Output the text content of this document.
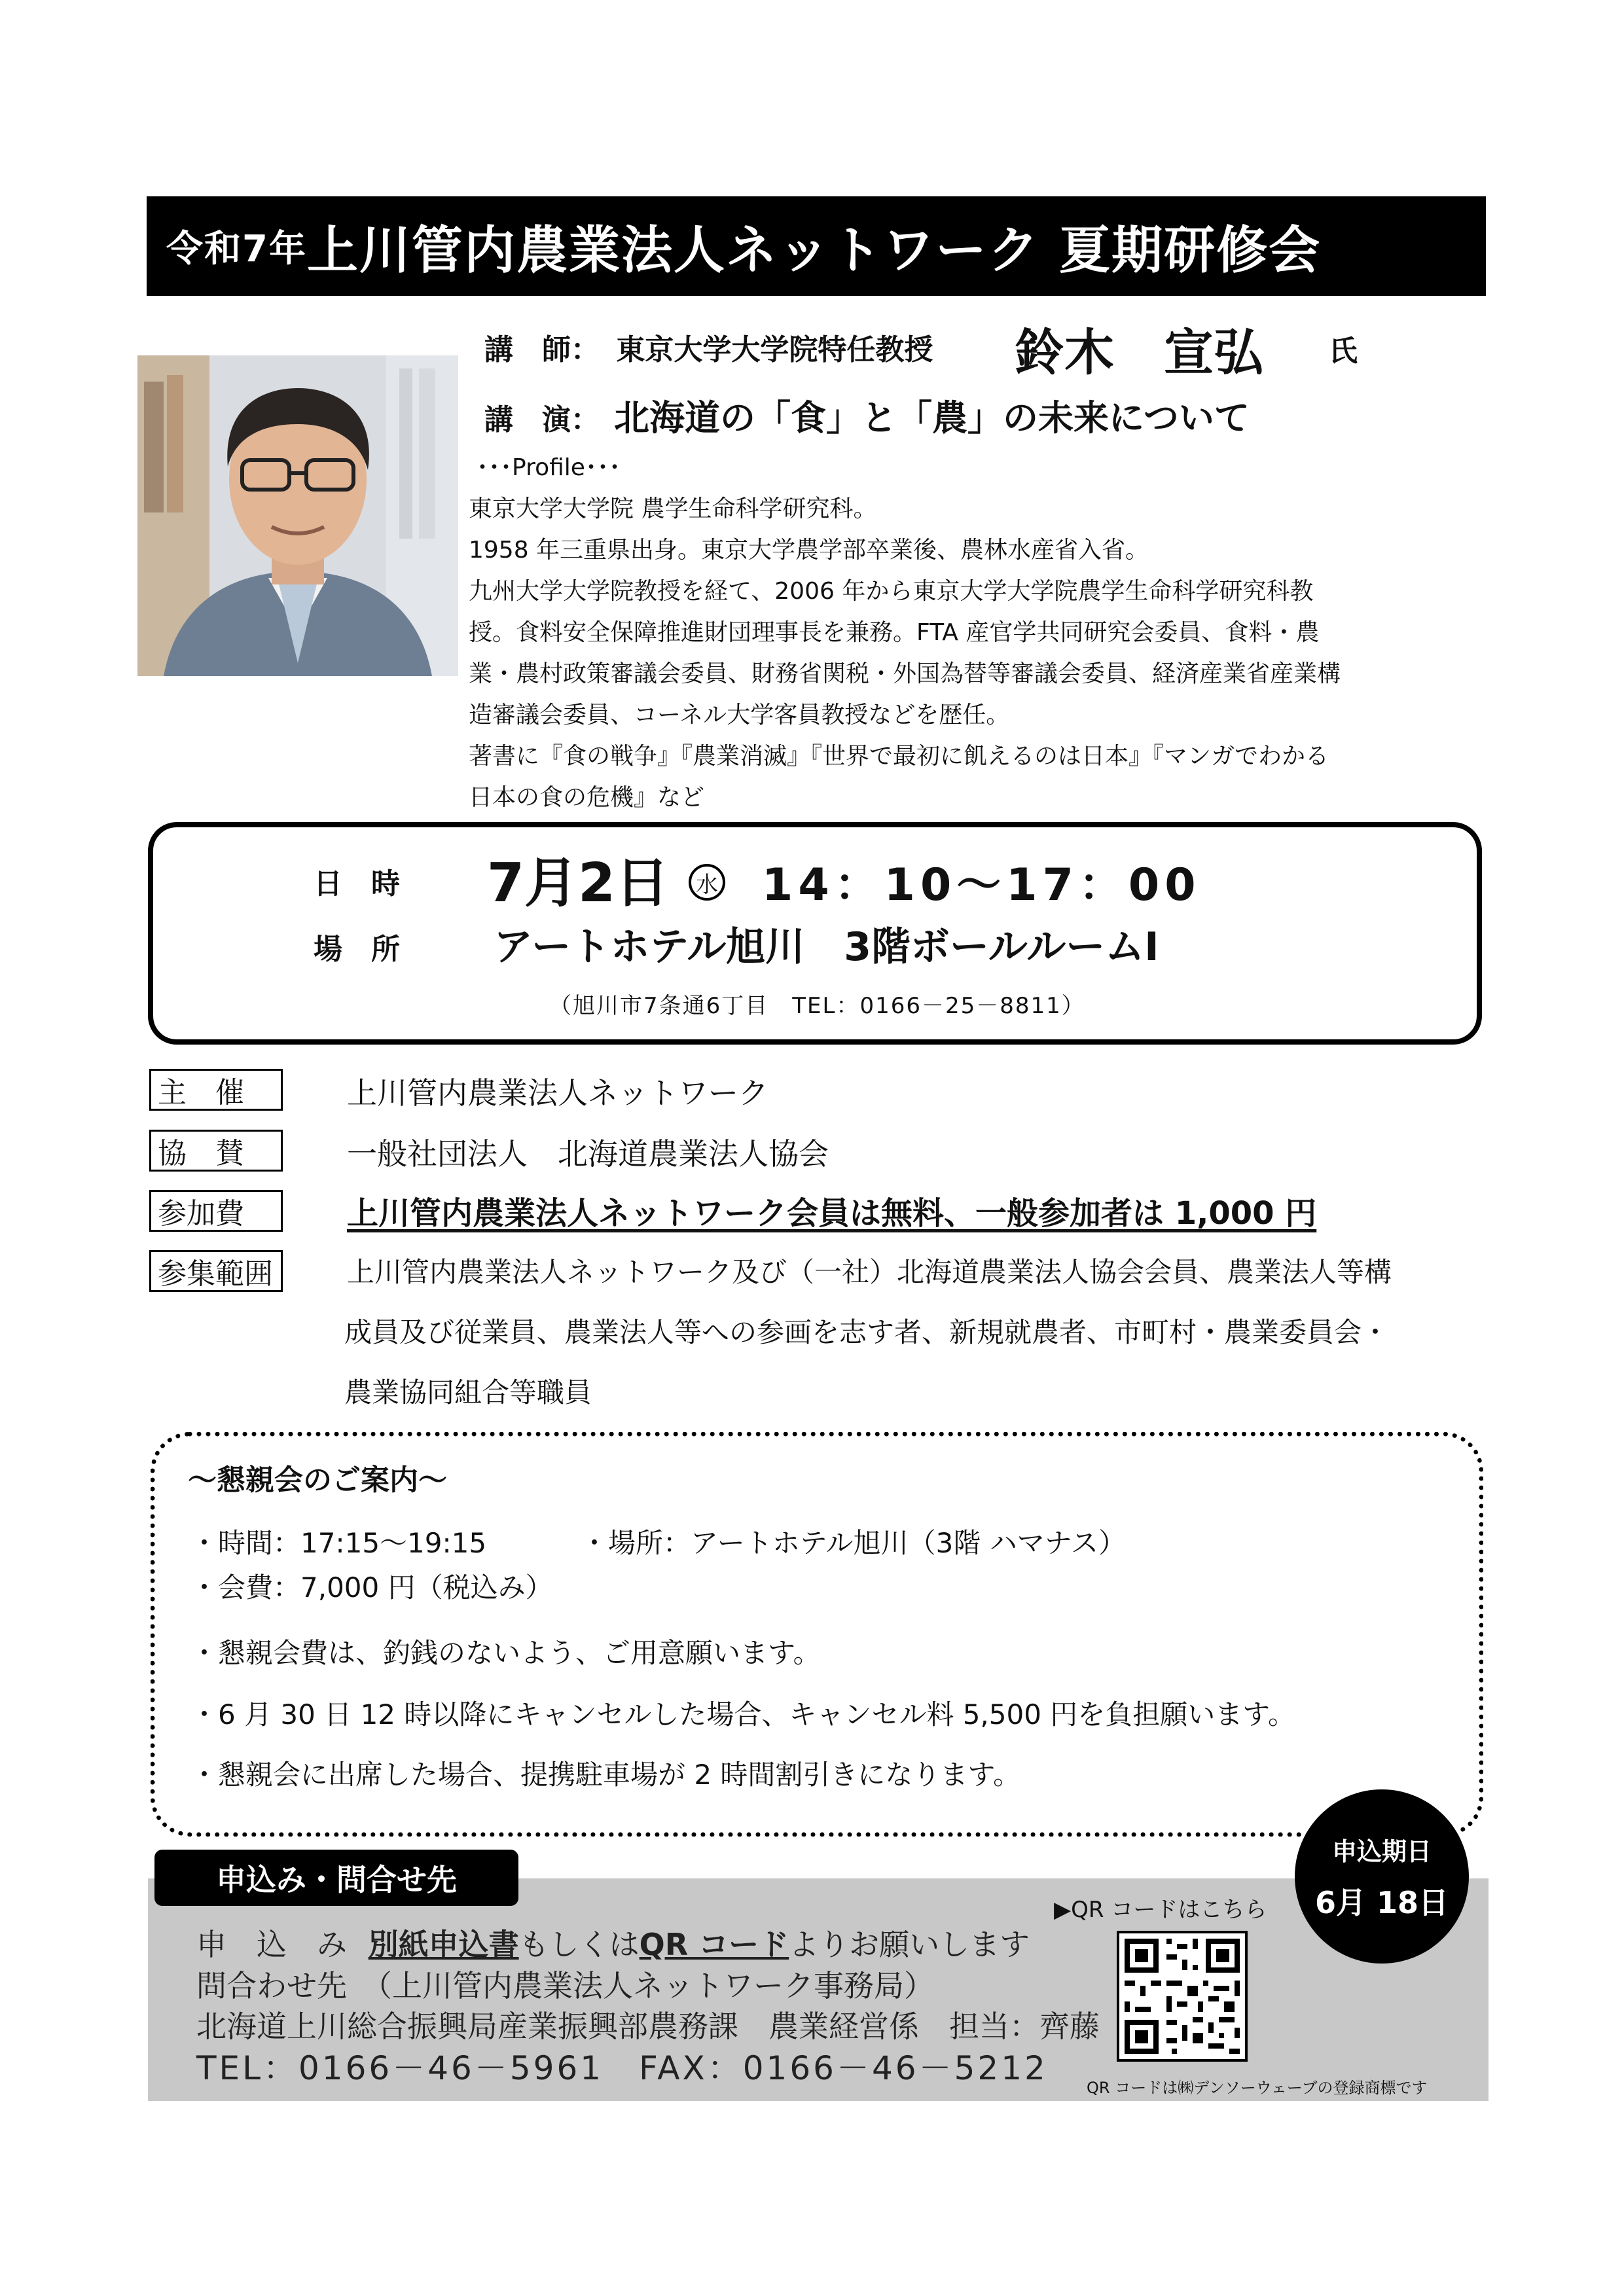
令和7年 上川管内農業法人ネットワーク 夏期研修会
講　師： 東京大学大学院特任教授 鈴木　宣弘 氏
講　演： 北海道の「食」と「農」の未来について
･･･Profile･･･
東京大学大学院 農学生命科学研究科。
1958 年三重県出身。東京大学農学部卒業後、農林水産省入省。
九州大学大学院教授を経て、2006 年から東京大学大学院農学生命科学研究科教
授。食料安全保障推進財団理事長を兼務。FTA 産官学共同研究会委員、食料・農
業・農村政策審議会委員、財務省関税・外国為替等審議会委員、経済産業省産業構
造審議会委員、コーネル大学客員教授などを歴任。
著書に『食の戦争』『農業消滅』『世界で最初に飢えるのは日本』『マンガでわかる
日本の食の危機』など
日　時 7月2日	水 14：10～17：00
場　所 アートホテル旭川　3階ボールルームⅠ
（旭川市7条通6丁目　TEL：0166－25－8811）
主　催	上川管内農業法人ネットワーク
協　賛	一般社団法人　北海道農業法人協会
参加費	上川管内農業法人ネットワーク会員は無料、一般参加者は 1,000 円
参集範囲	上川管内農業法人ネットワーク及び（一社）北海道農業法人協会会員、農業法人等構
成員及び従業員、農業法人等への参画を志す者、新規就農者、市町村・農業委員会・
農業協同組合等職員
～懇親会のご案内～
・時間：17:15～19:15	・場所：アートホテル旭川（3階 ハマナス）
・会費：7,000 円（税込み）
・懇親会費は、釣銭のないよう、ご用意願います。
・6 月 30 日 12 時以降にキャンセルした場合、キャンセル料 5,500 円を負担願います。
・懇親会に出席した場合、提携駐車場が 2 時間割引きになります。
申込み・問合せ先
申　込　み 別紙申込書もしくはQR コードよりお願いします
問合わせ先　（上川管内農業法人ネットワーク事務局）
北海道上川総合振興局産業振興部農務課　農業経営係　担当：齊藤
TEL：0166－46－5961　FAX：0166－46－5212
▶QR コードはこちら
QR コードは㈱デンソーウェーブの登録商標です
申込期日
6月 18日
